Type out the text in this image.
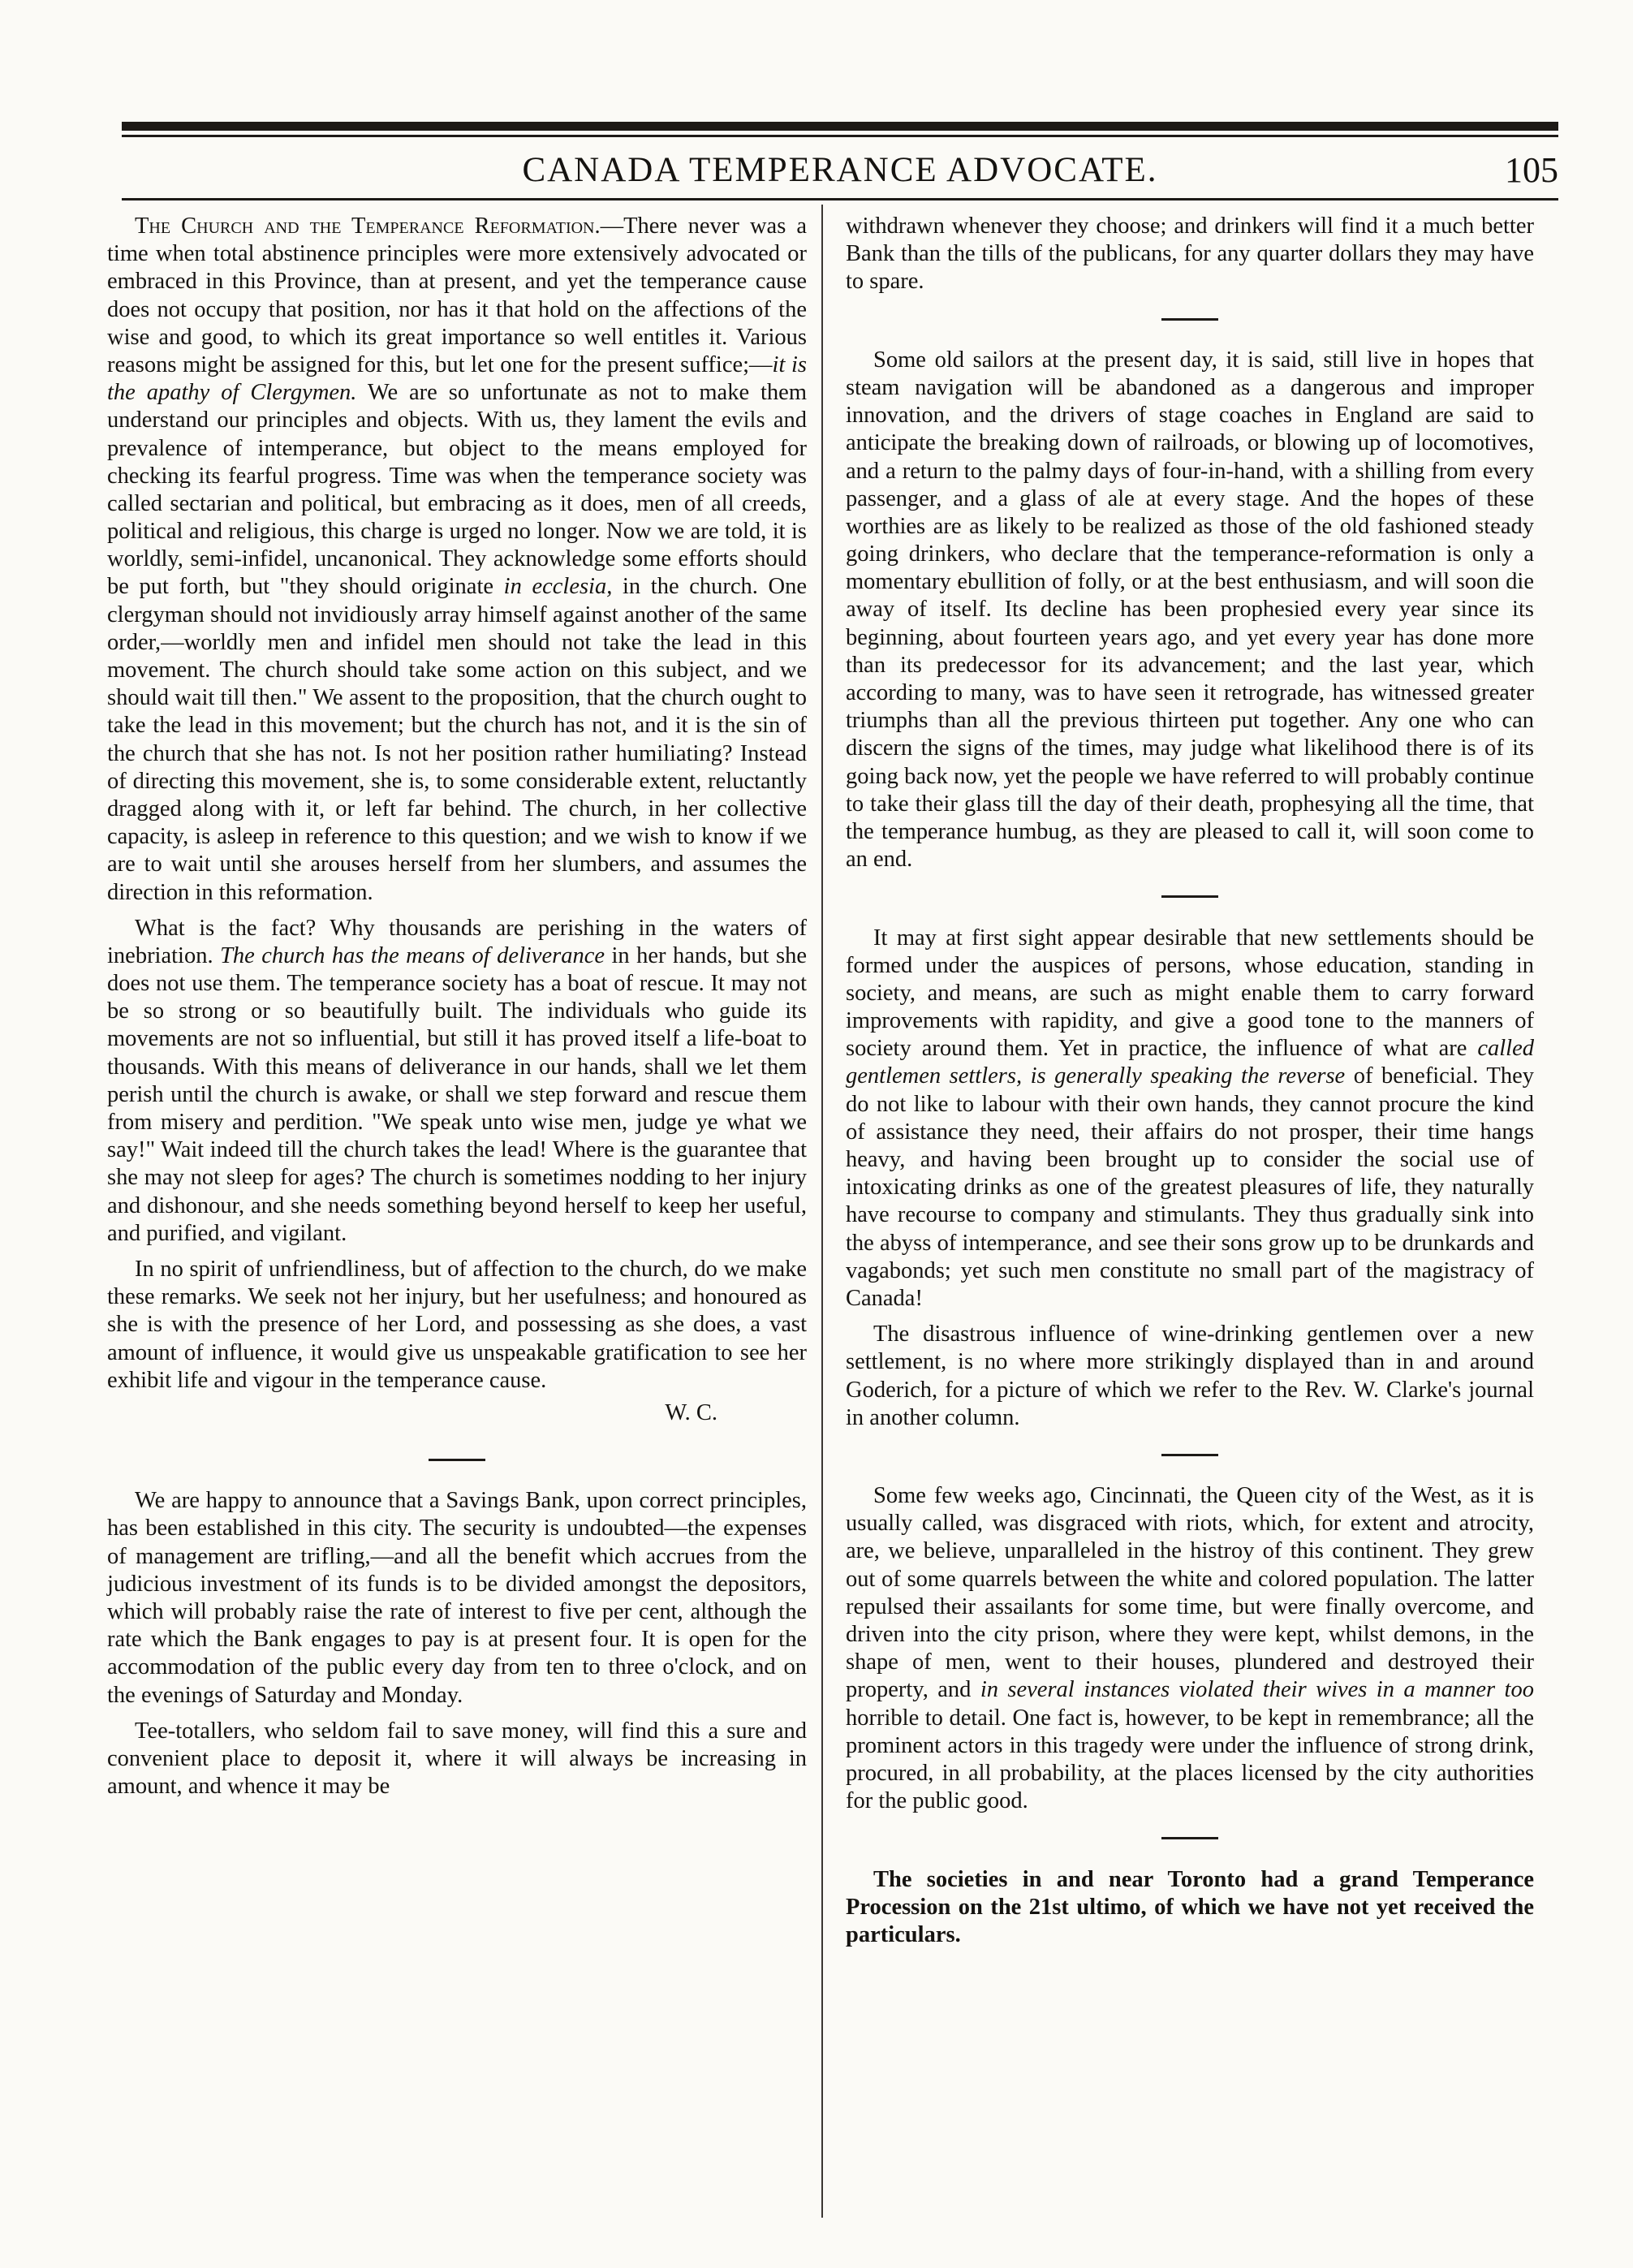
CANADA TEMPERANCE ADVOCATE.	105

The Church and the Temperance Reformation.—There never was a time when total abstinence principles were more extensively advocated or embraced in this Province, than at present, and yet the temperance cause does not occupy that position, nor has it that hold on the affections of the wise and good, to which its great importance so well entitles it. Various reasons might be assigned for this, but let one for the present suffice;—it is the apathy of Clergymen. We are so unfortunate as not to make them understand our principles and objects. With us, they lament the evils and prevalence of intemperance, but object to the means employed for checking its fearful progress. Time was when the temperance society was called sectarian and political, but embracing as it does, men of all creeds, political and religious, this charge is urged no longer. Now we are told, it is worldly, semi-infidel, uncanonical. They acknowledge some efforts should be put forth, but "they should originate in ecclesia, in the church. One clergyman should not invidiously array himself against another of the same order,—worldly men and infidel men should not take the lead in this movement. The church should take some action on this subject, and we should wait till then." We assent to the proposition, that the church ought to take the lead in this movement; but the church has not, and it is the sin of the church that she has not. Is not her position rather humiliating? Instead of directing this movement, she is, to some considerable extent, reluctantly dragged along with it, or left far behind. The church, in her collective capacity, is asleep in reference to this question; and we wish to know if we are to wait until she arouses herself from her slumbers, and assumes the direction in this reformation.

What is the fact? Why thousands are perishing in the waters of inebriation. The church has the means of deliverance in her hands, but she does not use them. The temperance society has a boat of rescue. It may not be so strong or so beautifully built. The individuals who guide its movements are not so influential, but still it has proved itself a life-boat to thousands. With this means of deliverance in our hands, shall we let them perish until the church is awake, or shall we step forward and rescue them from misery and perdition. "We speak unto wise men, judge ye what we say!" Wait indeed till the church takes the lead! Where is the guarantee that she may not sleep for ages? The church is sometimes nodding to her injury and dishonour, and she needs something beyond herself to keep her useful, and purified, and vigilant.

In no spirit of unfriendliness, but of affection to the church, do we make these remarks. We seek not her injury, but her usefulness; and honoured as she is with the presence of her Lord, and possessing as she does, a vast amount of influence, it would give us unspeakable gratification to see her exhibit life and vigour in the temperance cause.

W. C.

We are happy to announce that a Savings Bank, upon correct principles, has been established in this city. The security is undoubted—the expenses of management are trifling,—and all the benefit which accrues from the judicious investment of its funds is to be divided amongst the depositors, which will probably raise the rate of interest to five per cent, although the rate which the Bank engages to pay is at present four. It is open for the accommodation of the public every day from ten to three o'clock, and on the evenings of Saturday and Monday.

Tee-totallers, who seldom fail to save money, will find this a sure and convenient place to deposit it, where it will always be increasing in amount, and whence it may be

withdrawn whenever they choose; and drinkers will find it a much better Bank than the tills of the publicans, for any quarter dollars they may have to spare.

Some old sailors at the present day, it is said, still live in hopes that steam navigation will be abandoned as a dangerous and improper innovation, and the drivers of stage coaches in England are said to anticipate the breaking down of railroads, or blowing up of locomotives, and a return to the palmy days of four-in-hand, with a shilling from every passenger, and a glass of ale at every stage. And the hopes of these worthies are as likely to be realized as those of the old fashioned steady going drinkers, who declare that the temperance-reformation is only a momentary ebullition of folly, or at the best enthusiasm, and will soon die away of itself. Its decline has been prophesied every year since its beginning, about fourteen years ago, and yet every year has done more than its predecessor for its advancement; and the last year, which according to many, was to have seen it retrograde, has witnessed greater triumphs than all the previous thirteen put together. Any one who can discern the signs of the times, may judge what likelihood there is of its going back now, yet the people we have referred to will probably continue to take their glass till the day of their death, prophesying all the time, that the temperance humbug, as they are pleased to call it, will soon come to an end.

It may at first sight appear desirable that new settlements should be formed under the auspices of persons, whose education, standing in society, and means, are such as might enable them to carry forward improvements with rapidity, and give a good tone to the manners of society around them. Yet in practice, the influence of what are called gentlemen settlers, is generally speaking the reverse of beneficial. They do not like to labour with their own hands, they cannot procure the kind of assistance they need, their affairs do not prosper, their time hangs heavy, and having been brought up to consider the social use of intoxicating drinks as one of the greatest pleasures of life, they naturally have recourse to company and stimulants. They thus gradually sink into the abyss of intemperance, and see their sons grow up to be drunkards and vagabonds; yet such men constitute no small part of the magistracy of Canada!

The disastrous influence of wine-drinking gentlemen over a new settlement, is no where more strikingly displayed than in and around Goderich, for a picture of which we refer to the Rev. W. Clarke's journal in another column.

Some few weeks ago, Cincinnati, the Queen city of the West, as it is usually called, was disgraced with riots, which, for extent and atrocity, are, we believe, unparalleled in the histroy of this continent. They grew out of some quarrels between the white and colored population. The latter repulsed their assailants for some time, but were finally overcome, and driven into the city prison, where they were kept, whilst demons, in the shape of men, went to their houses, plundered and destroyed their property, and in several instances violated their wives in a manner too horrible to detail. One fact is, however, to be kept in remembrance; all the prominent actors in this tragedy were under the influence of strong drink, procured, in all probability, at the places licensed by the city authorities for the public good.

The societies in and near Toronto had a grand Temperance Procession on the 21st ultimo, of which we have not yet received the particulars.
